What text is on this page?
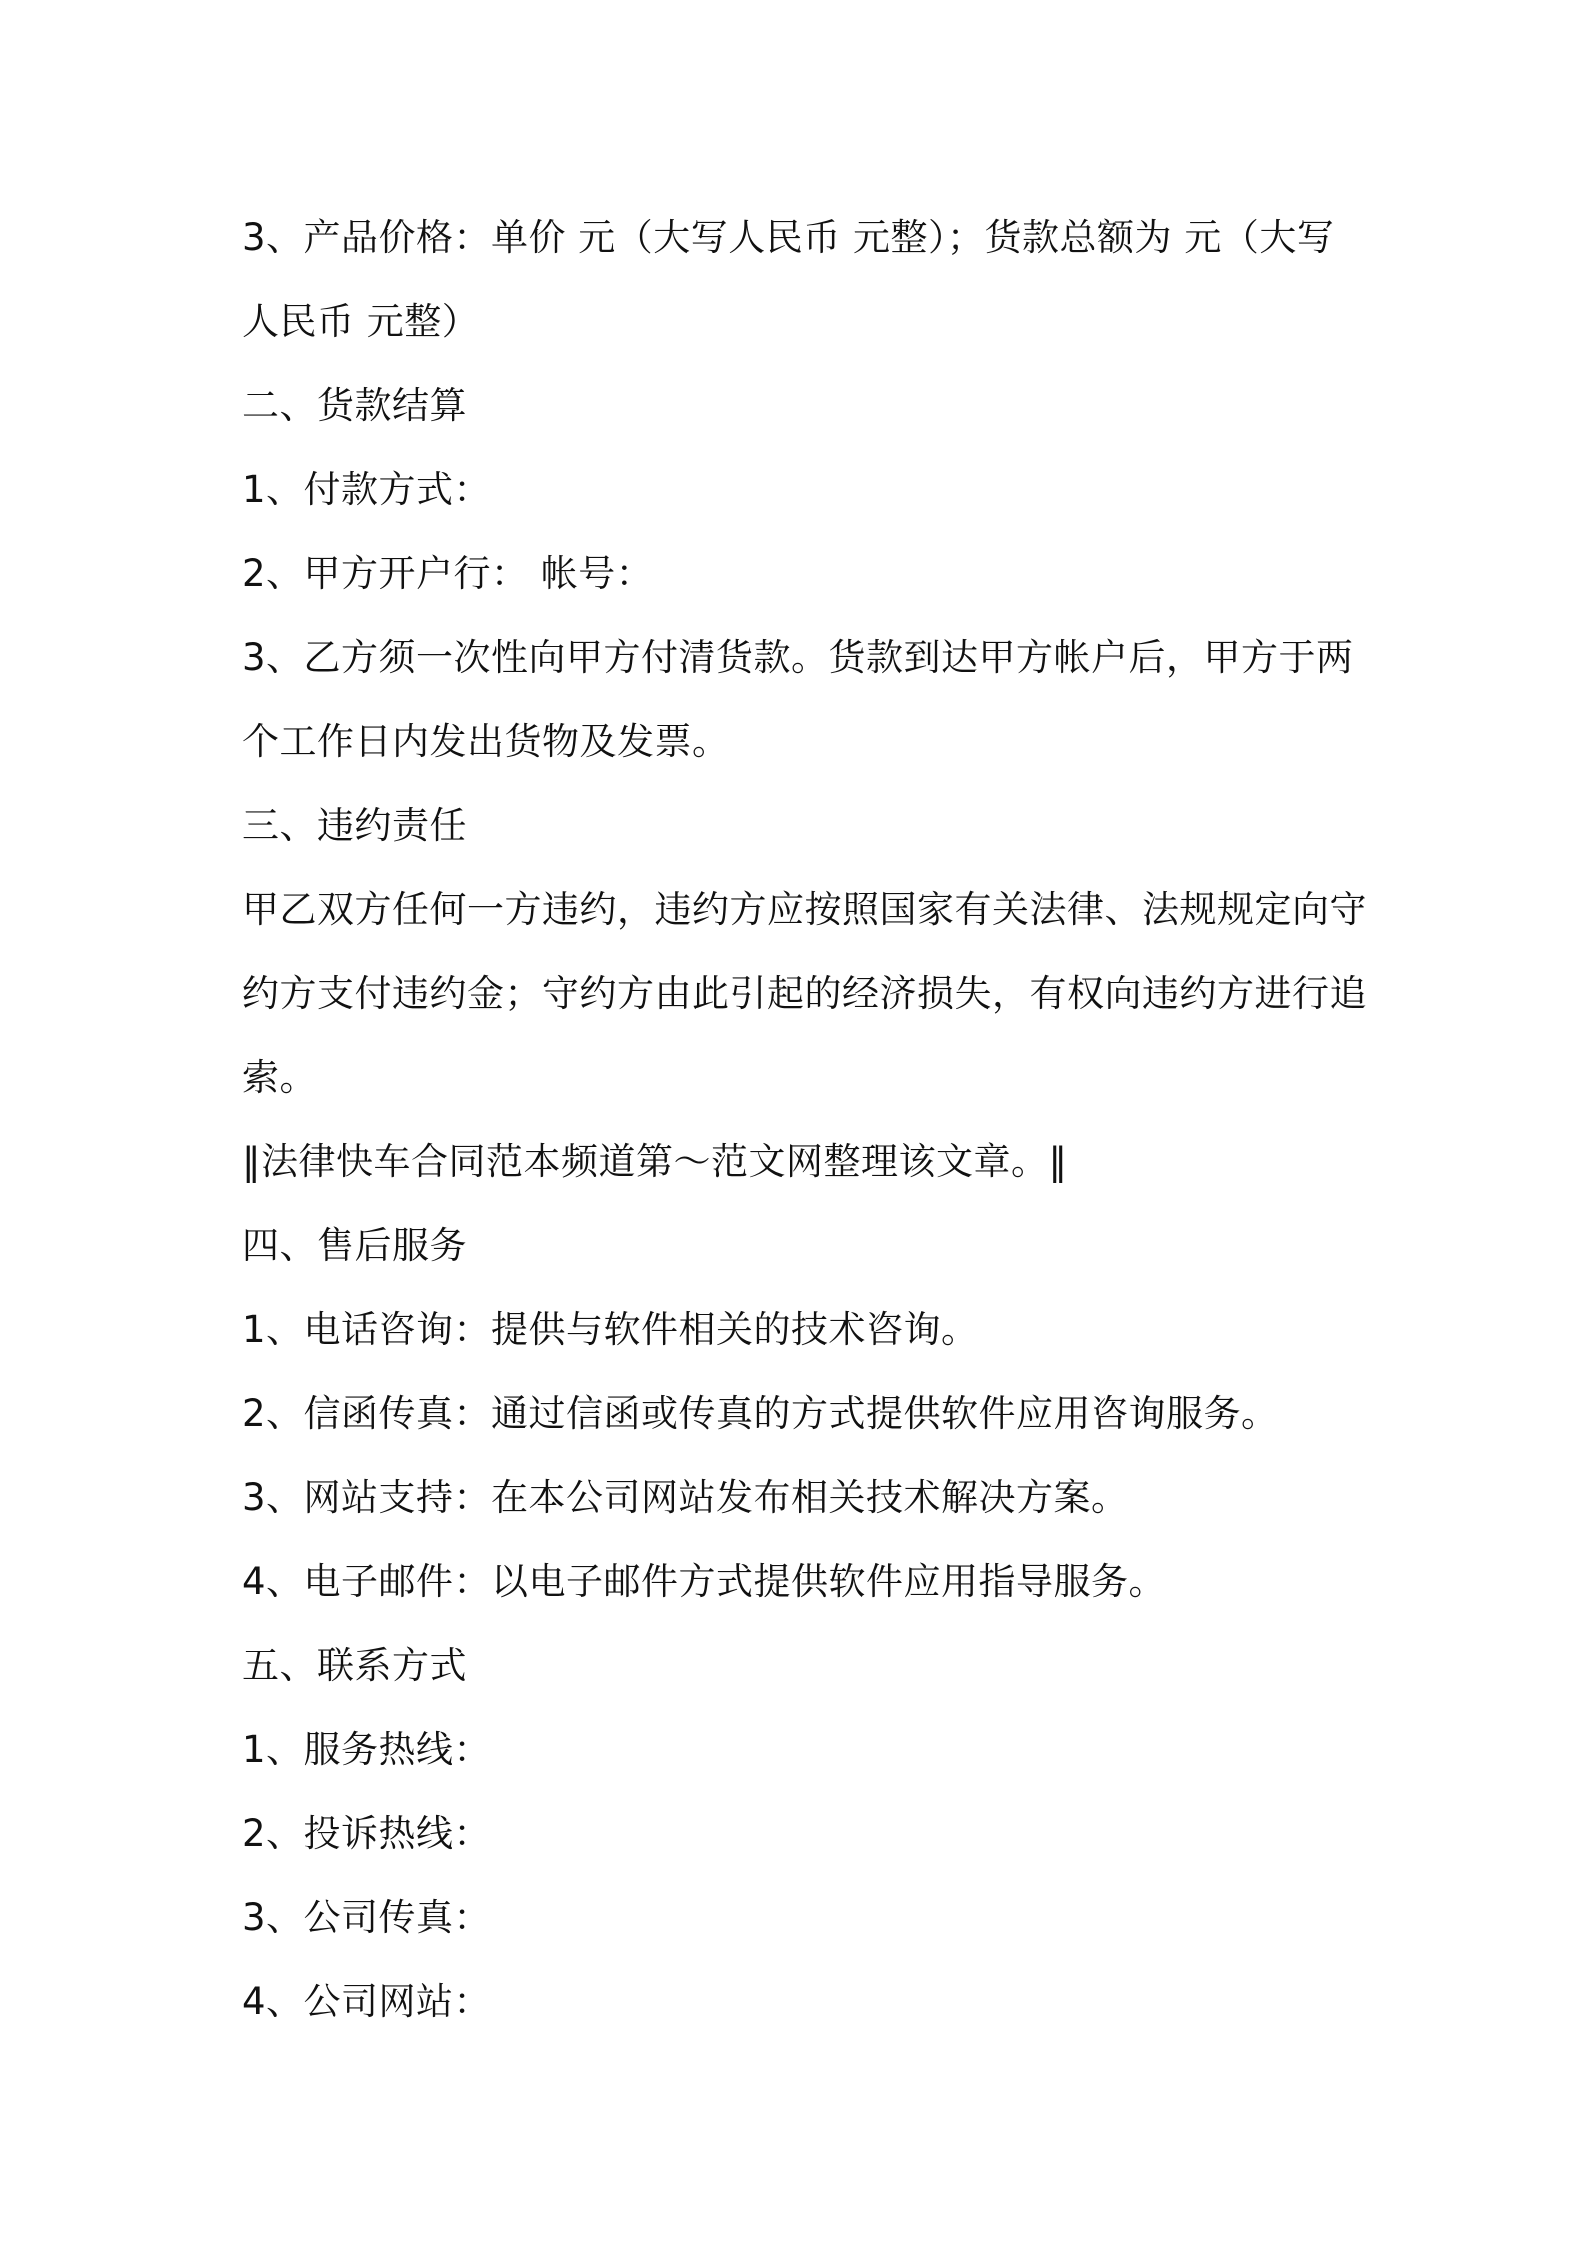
3、产品价格：单价 元（大写人民币 元整）；货款总额为 元（大写
人民币 元整）
二、货款结算
1、付款方式：
2、甲方开户行： 帐号：
3、乙方须一次性向甲方付清货款。货款到达甲方帐户后，甲方于两
个工作日内发出货物及发票。
三、违约责任
甲乙双方任何一方违约，违约方应按照国家有关法律、法规规定向守
约方支付违约金；守约方由此引起的经济损失，有权向违约方进行追
索。
‖法律快车合同范本频道第～范文网整理该文章。‖
四、售后服务
1、电话咨询：提供与软件相关的技术咨询。
2、信函传真：通过信函或传真的方式提供软件应用咨询服务。
3、网站支持：在本公司网站发布相关技术解决方案。
4、电子邮件：以电子邮件方式提供软件应用指导服务。
五、联系方式
1、服务热线：
2、投诉热线：
3、公司传真：
4、公司网站：
